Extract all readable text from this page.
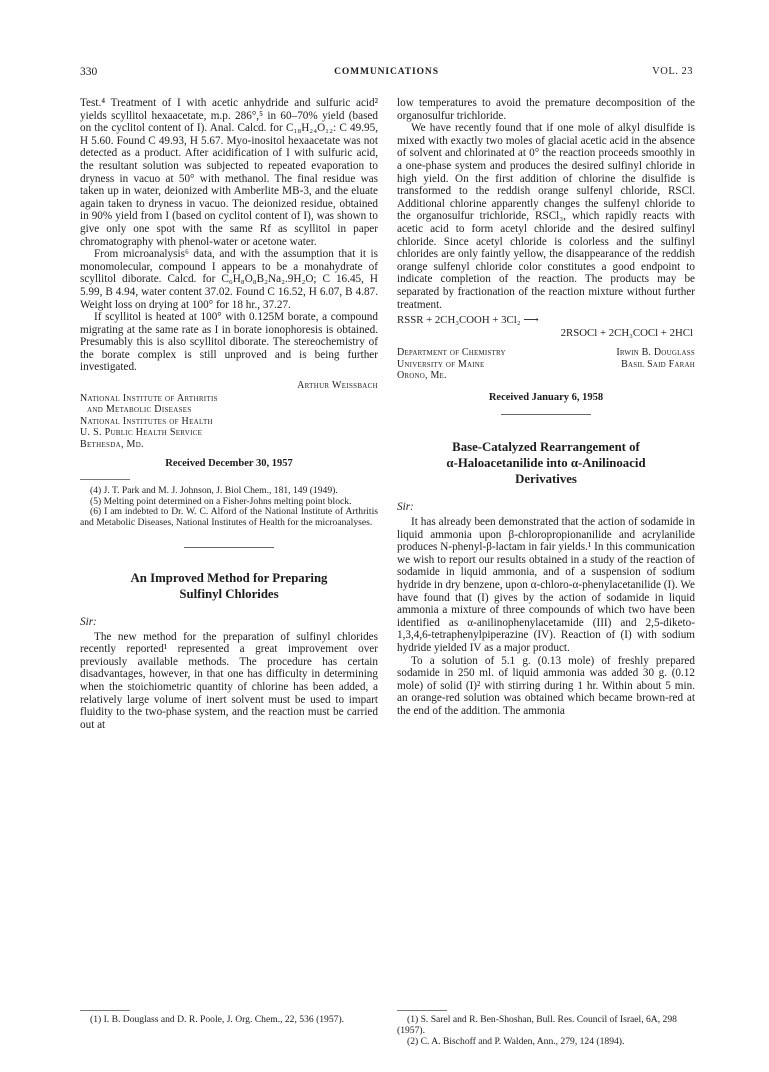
330	COMMUNICATIONS	VOL. 23

Test.⁴ Treatment of I with acetic anhydride and sulfuric acid² yields scyllitol hexaacetate, m.p. 286°,⁵ in 60–70% yield (based on the cyclitol content of I). Anal. Calcd. for C₁₈H₂₄O₁₂: C 49.95, H 5.60. Found C 49.93, H 5.67. Myo-inositol hexaacetate was not detected as a product. After acidification of I with sulfuric acid, the resultant solution was subjected to repeated evaporation to dryness in vacuo at 50° with methanol. The final residue was taken up in water, deionized with Amberlite MB-3, and the eluate again taken to dryness in vacuo. The deionized residue, obtained in 90% yield from I (based on cyclitol content of I), was shown to give only one spot with the same Rf as scyllitol in paper chromatography with phenol-water or acetone water.

From microanalysis⁶ data, and with the assumption that it is monomolecular, compound I appears to be a monahydrate of scyllitol diborate. Calcd. for C₆H₈O₈B₂Na₂.9H₂O; C 16.45, H 5.99, B 4.94, water content 37.02. Found C 16.52, H 6.07, B 4.87. Weight loss on drying at 100° for 18 hr., 37.27.

If scyllitol is heated at 100° with 0.125M borate, a compound migrating at the same rate as I in borate ionophoresis is obtained. Presumably this is also scyllitol diborate. The stereochemistry of the borate complex is still unproved and is being further investigated.

Arthur Weissbach
National Institute of Arthritis
and Metabolic Diseases
National Institutes of Health
U. S. Public Health Service
Bethesda, Md.
Received December 30, 1957

(4) J. T. Park and M. J. Johnson, J. Biol Chem., 181, 149 (1949).

(5) Melting point determined on a Fisher-Johns melting point block.

(6) I am indebted to Dr. W. C. Alford of the National Institute of Arthritis and Metabolic Diseases, National Institutes of Health for the microanalyses.

An Improved Method for Preparing
Sulfinyl Chlorides
Sir:

The new method for the preparation of sulfinyl chlorides recently reported¹ represented a great improvement over previously available methods. The procedure has certain disadvantages, however, in that one has difficulty in determining when the stoichiometric quantity of chlorine has been added, a relatively large volume of inert solvent must be used to impart fluidity to the two-phase system, and the reaction must be carried out at

(1) I. B. Douglass and D. R. Poole, J. Org. Chem., 22, 536 (1957).

low temperatures to avoid the premature decomposition of the organosulfur trichloride.

We have recently found that if one mole of alkyl disulfide is mixed with exactly two moles of glacial acetic acid in the absence of solvent and chlorinated at 0° the reaction proceeds smoothly in a one-phase system and produces the desired sulfinyl chloride in high yield. On the first addition of chlorine the disulfide is transformed to the reddish orange sulfenyl chloride, RSCl. Additional chlorine apparently changes the sulfenyl chloride to the organosulfur trichloride, RSCl₃, which rapidly reacts with acetic acid to form acetyl chloride and the desired sulfinyl chloride. Since acetyl chloride is colorless and the sulfinyl chlorides are only faintly yellow, the disappearance of the reddish orange sulfenyl chloride color constitutes a good endpoint to indicate completion of the reaction. The products may be separated by fractionation of the reaction mixture without further treatment.

RSSR + 2CH₃COOH + 3Cl₂ ⟶
2RSOCl + 2CH₃COCl + 2HCl
Department of Chemistry
University of Maine
Orono, Me.
Irwin B. Douglass
Basil Said Farah
Received January 6, 1958
Base-Catalyzed Rearrangement of
α-Haloacetanilide into α-Anilinoacid
Derivatives
Sir:

It has already been demonstrated that the action of sodamide in liquid ammonia upon β-chloropropionanilide and acrylanilide produces N-phenyl-β-lactam in fair yields.¹ In this communication we wish to report our results obtained in a study of the reaction of sodamide in liquid ammonia, and of a suspension of sodium hydride in dry benzene, upon α-chloro-α-phenylacetanilide (I). We have found that (I) gives by the action of sodamide in liquid ammonia a mixture of three compounds of which two have been identified as α-anilinophenylacetamide (III) and 2,5-diketo-1,3,4,6-tetraphenylpiperazine (IV). Reaction of (I) with sodium hydride yielded IV as a major product.

To a solution of 5.1 g. (0.13 mole) of freshly prepared sodamide in 250 ml. of liquid ammonia was added 30 g. (0.12 mole) of solid (I)² with stirring during 1 hr. Within about 5 min. an orange-red solution was obtained which became brown-red at the end of the addition. The ammonia

(1) S. Sarel and R. Ben-Shoshan, Bull. Res. Council of Israel, 6A, 298 (1957).
(2) C. A. Bischoff and P. Walden, Ann., 279, 124 (1894).
